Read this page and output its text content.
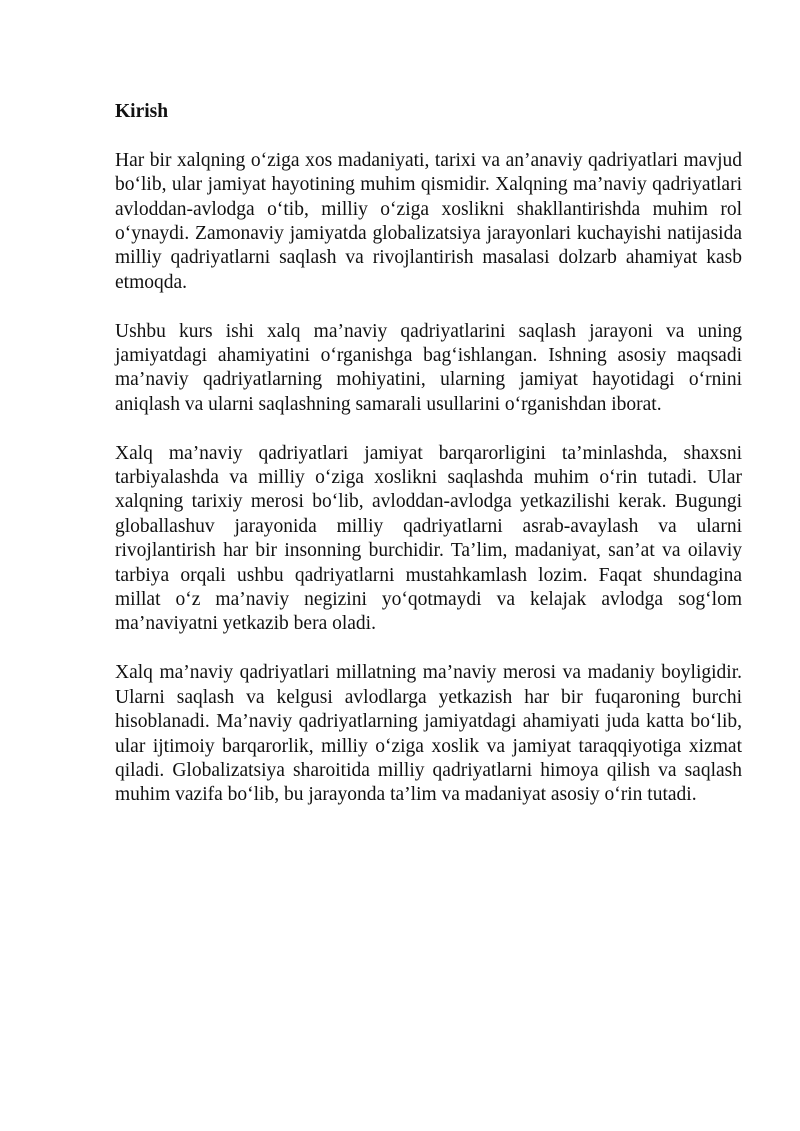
Kirish

Har bir xalqning o‘ziga xos madaniyati, tarixi va an’anaviy qadriyatlari mavjud bo‘lib, ular jamiyat hayotining muhim qismidir. Xalqning ma’naviy qadriyatlari avloddan-avlodga o‘tib, milliy o‘ziga xoslikni shakllantirishda muhim rol o‘ynaydi. Zamonaviy jamiyatda globalizatsiya jarayonlari kuchayishi natijasida milliy qadriyatlarni saqlash va rivojlantirish masalasi dolzarb ahamiyat kasb etmoqda.

Ushbu kurs ishi xalq ma’naviy qadriyatlarini saqlash jarayoni va uning jamiyatdagi ahamiyatini o‘rganishga bag‘ishlangan. Ishning asosiy maqsadi ma’naviy qadriyatlarning mohiyatini, ularning jamiyat hayotidagi o‘rnini aniqlash va ularni saqlashning samarali usullarini o‘rganishdan iborat.

Xalq ma’naviy qadriyatlari jamiyat barqarorligini ta’minlashda, shaxsni tarbiyalashda va milliy o‘ziga xoslikni saqlashda muhim o‘rin tutadi. Ular xalqning tarixiy merosi bo‘lib, avloddan-avlodga yetkazilishi kerak. Bugungi globallashuv jarayonida milliy qadriyatlarni asrab-avaylash va ularni rivojlantirish har bir insonning burchidir. Ta’lim, madaniyat, san’at va oilaviy tarbiya orqali ushbu qadriyatlarni mustahkamlash lozim. Faqat shundagina millat o‘z ma’naviy negizini yo‘qotmaydi va kelajak avlodga sog‘lom ma’naviyatni yetkazib bera oladi.

Xalq ma’naviy qadriyatlari millatning ma’naviy merosi va madaniy boyligidir. Ularni saqlash va kelgusi avlodlarga yetkazish har bir fuqaroning burchi hisoblanadi. Ma’naviy qadriyatlarning jamiyatdagi ahamiyati juda katta bo‘lib, ular ijtimoiy barqarorlik, milliy o‘ziga xoslik va jamiyat taraqqiyotiga xizmat qiladi. Globalizatsiya sharoitida milliy qadriyatlarni himoya qilish va saqlash muhim vazifa bo‘lib, bu jarayonda ta’lim va madaniyat asosiy o‘rin tutadi.
